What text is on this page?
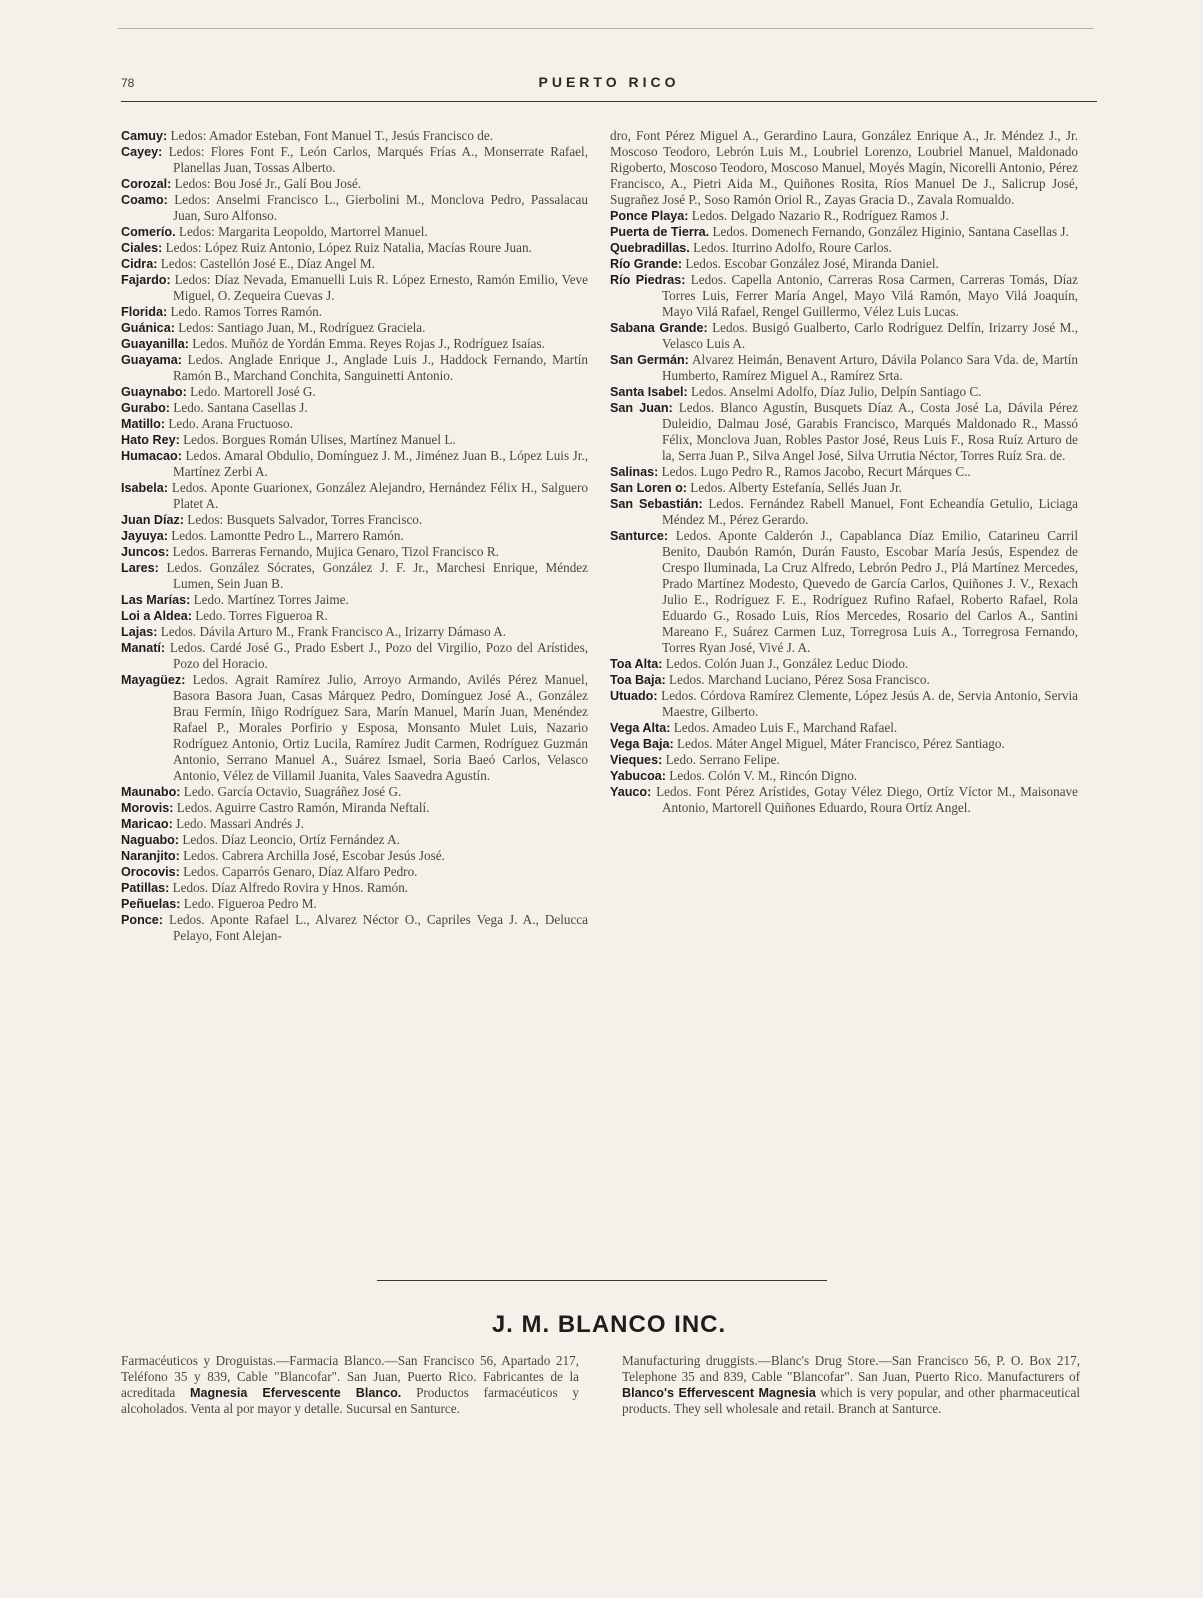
78	PUERTO RICO
Camuy: Ledos: Amador Esteban, Font Manuel T., Jesús Francisco de.
Cayey: Ledos: Flores Font F., León Carlos, Marqués Frías A., Monserrate Rafael, Planellas Juan, Tossas Alberto.
Corozal: Ledos: Bou José Jr., Galí Bou José.
Coamo: Ledos: Anselmi Francisco L., Gierbolini M., Monclova Pedro, Passalacau Juan, Suro Alfonso.
Comerío. Ledos: Margarita Leopoldo, Martorrel Manuel.
Ciales: Ledos: López Ruiz Antonio, López Ruiz Natalia, Macías Roure Juan.
Cidra: Ledos: Castellón José E., Díaz Angel M.
Fajardo: Ledos: Díaz Nevada, Emanuelli Luis R. López Ernesto, Ramón Emilio, Veve Miguel, O. Zequeira Cuevas J.
Florida: Ledo. Ramos Torres Ramón.
Guánica: Ledos: Santiago Juan, M., Rodríguez Graciela.
Guayanilla: Ledos. Muñóz de Yordán Emma. Reyes Rojas J., Rodríguez Isaías.
Guayama: Ledos. Anglade Enrique J., Anglade Luis J., Haddock Fernando, Martín Ramón B., Marchand Conchita, Sanguinetti Antonio.
Guaynabo: Ledo. Martorell José G.
Gurabo: Ledo. Santana Casellas J.
Matillo: Ledo. Arana Fructuoso.
Hato Rey: Ledos. Borgues Román Ulises, Martínez Manuel L.
Humacao: Ledos. Amaral Obdulio, Domínguez J. M., Jiménez Juan B., López Luis Jr., Martínez Zerbi A.
Isabela: Ledos. Aponte Guarionex, González Alejandro, Hernández Félix H., Salguero Platet A.
Juan Díaz: Ledos: Busquets Salvador, Torres Francisco.
Jayuya: Ledos. Lamontte Pedro L., Marrero Ramón.
Juncos: Ledos. Barreras Fernando, Mujica Genaro, Tizol Francisco R.
Lares: Ledos. González Sócrates, González J. F. Jr., Marchesi Enrique, Méndez Lumen, Sein Juan B.
Las Marías: Ledo. Martínez Torres Jaime.
Loi a Aldea: Ledo. Torres Figueroa R.
Lajas: Ledos. Dávila Arturo M., Frank Francisco A., Irizarry Dámaso A.
Manatí: Ledos. Cardé José G., Prado Esbert J., Pozo del Virgilio, Pozo del Arístides, Pozo del Horacio.
Mayagüez: Ledos. Agrait Ramírez Julio, Arroyo Armando, Avilés Pérez Manuel, Basora Basora Juan, Casas Márquez Pedro, Domínguez José A., González Brau Fermín, Iñigo Rodríguez Sara, Marín Manuel, Marín Juan, Menéndez Rafael P., Morales Porfirio y Esposa, Monsanto Mulet Luis, Nazario Rodríguez Antonio, Ortiz Lucila, Ramírez Judit Carmen, Rodríguez Guzmán Antonio, Serrano Manuel A., Suárez Ismael, Soria Baeó Carlos, Velasco Antonio, Vélez de Villamil Juanita, Vales Saavedra Agustín.
Maunabo: Ledo. García Octavio, Suagráñez José G.
Morovis: Ledos. Aguirre Castro Ramón, Miranda Neftalí.
Maricao: Ledo. Massari Andrés J.
Naguabo: Ledos. Díaz Leoncio, Ortíz Fernández A.
Naranjito: Ledos. Cabrera Archilla José, Escobar Jesús José.
Orocovis: Ledos. Caparrós Genaro, Díaz Alfaro Pedro.
Patillas: Ledos. Díaz Alfredo Rovira y Hnos. Ramón.
Peñuelas: Ledo. Figueroa Pedro M.
Ponce: Ledos. Aponte Rafael L., Alvarez Néctor O., Capriles Vega J. A., Delucca Pelayo, Font Alejan-
dro, Font Pérez Miguel A., Gerardino Laura, González Enrique A., Jr. Méndez J., Jr. Moscoso Teodoro, Lebrón Luis M., Loubriel Lorenzo, Loubriel Manuel, Maldonado Rigoberto, Moscoso Teodoro, Moscoso Manuel, Moyés Magín, Nicorelli Antonio, Pérez Francisco, A., Pietri Aida M., Quiñones Rosita, Ríos Manuel De J., Salicrup José, Sugrañez José P., Soso Ramón Oriol R., Zayas Gracia D., Zavala Romualdo.
Ponce Playa: Ledos. Delgado Nazario R., Rodríguez Ramos J.
Puerta de Tierra. Ledos. Domenech Fernando, González Higinio, Santana Casellas J.
Quebradillas. Ledos. Iturrino Adolfo, Roure Carlos.
Río Grande: Ledos. Escobar González José, Miranda Daniel.
Río Piedras: Ledos. Capella Antonio, Carreras Rosa Carmen, Carreras Tomás, Díaz Torres Luis, Ferrer María Angel, Mayo Vilá Ramón, Mayo Vilá Joaquín, Mayo Vilá Rafael, Rengel Guillermo, Vélez Luis Lucas.
Sabana Grande: Ledos. Busigó Gualberto, Carlo Rodríguez Delfín, Irizarry José M., Velasco Luis A.
San Germán: Alvarez Heimán, Benavent Arturo, Dávila Polanco Sara Vda. de, Martín Humberto, Ramírez Miguel A., Ramírez Srta.
Santa Isabel: Ledos. Anselmi Adolfo, Díaz Julio, Delpín Santiago C.
San Juan: Ledos. Blanco Agustín, Busquets Díaz A., Costa José La, Dávila Pérez Duleidio, Dalmau José, Garabis Francisco, Marqués Maldonado R., Massó Félix, Monclova Juan, Robles Pastor José, Reus Luis F., Rosa Ruíz Arturo de la, Serra Juan P., Silva Angel José, Silva Urrutia Néctor, Torres Ruíz Sra. de.
Salinas: Ledos. Lugo Pedro R., Ramos Jacobo, Recurt Márques C..
San Loren o: Ledos. Alberty Estefanía, Sellés Juan Jr.
San Sebastián: Ledos. Fernández Rabell Manuel, Font Echeandía Getulio, Liciaga Méndez M., Pérez Gerardo.
Santurce: Ledos. Aponte Calderón J., Capablanca Díaz Emilio, Catarineu Carril Benito, Daubón Ramón, Durán Fausto, Escobar María Jesús, Espendez de Crespo Iluminada, La Cruz Alfredo, Lebrón Pedro J., Plá Martínez Mercedes, Prado Martínez Modesto, Quevedo de García Carlos, Quiñones J. V., Rexach Julio E., Rodríguez F. E., Rodríguez Rufino Rafael, Roberto Rafael, Rola Eduardo G., Rosado Luis, Ríos Mercedes, Rosario del Carlos A., Santini Mareano F., Suárez Carmen Luz, Torregrosa Luis A., Torregrosa Fernando, Torres Ryan José, Vivé J. A.
Toa Alta: Ledos. Colón Juan J., González Leduc Diodo.
Toa Baja: Ledos. Marchand Luciano, Pérez Sosa Francisco.
Utuado: Ledos. Córdova Ramírez Clemente, López Jesús A. de, Servia Antonio, Servia Maestre, Gilberto.
Vega Alta: Ledos. Amadeo Luis F., Marchand Rafael.
Vega Baja: Ledos. Máter Angel Miguel, Máter Francisco, Pérez Santiago.
Vieques: Ledo. Serrano Felipe.
Yabucoa: Ledos. Colón V. M., Rincón Digno.
Yauco: Ledos. Font Pérez Arístides, Gotay Vélez Diego, Ortíz Víctor M., Maisonave Antonio, Martorell Quiñones Eduardo, Roura Ortíz Angel.
J. M. BLANCO INC.
Farmacéuticos y Droguistas.—Farmacia Blanco.—San Francisco 56, Apartado 217, Teléfono 35 y 839, Cable "Blancofar". San Juan, Puerto Rico. Fabricantes de la acreditada Magnesia Efervescente Blanco. Productos farmacéuticos y alcoholados. Venta al por mayor y detalle. Sucursal en Santurce.
Manufacturing druggists.—Blanc's Drug Store.—San Francisco 56, P. O. Box 217, Telephone 35 and 839, Cable "Blancofar". San Juan, Puerto Rico. Manufacturers of Blanco's Effervescent Magnesia which is very popular, and other pharmaceutical products. They sell wholesale and retail. Branch at Santurce.
